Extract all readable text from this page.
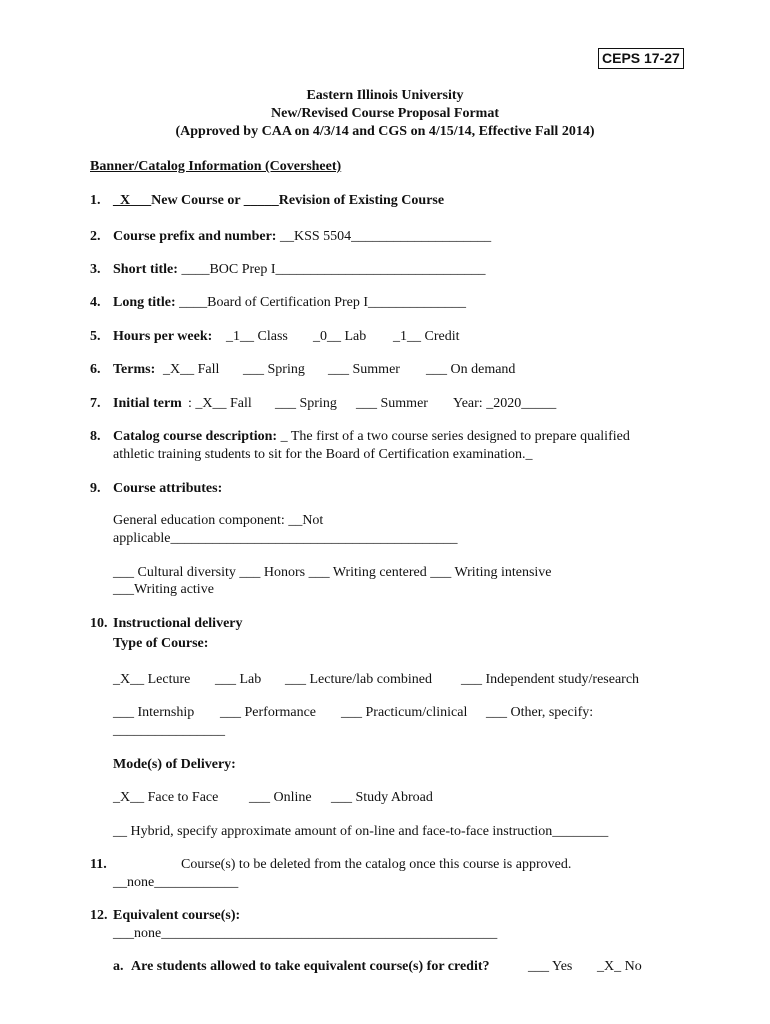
CEPS 17-27
Eastern Illinois University
New/Revised Course Proposal Format
(Approved by CAA on 4/3/14 and CGS on 4/15/14, Effective Fall 2014)
Banner/Catalog Information (Coversheet)
1. _X___New Course or _____Revision of Existing Course
2. Course prefix and number: __KSS 5504____________________
3. Short title: ____BOC Prep I______________________________
4. Long title: ____Board of Certification Prep I______________
5. Hours per week: _1__ Class _0__ Lab _1__ Credit
6. Terms: _X__ Fall ___ Spring ___ Summer ___ On demand
7. Initial term : _X__ Fall ___ Spring ___ Summer Year: _2020_____
8. Catalog course description: _ The first of a two course series designed to prepare qualified
athletic training students to sit for the Board of Certification examination._
9. Course attributes:
General education component: __Not
applicable_________________________________________
___ Cultural diversity ___ Honors ___ Writing centered ___ Writing intensive
___Writing active
10. Instructional delivery
Type of Course:
_X__ Lecture ___ Lab ___ Lecture/lab combined ___ Independent study/research
___ Internship ___ Performance ___ Practicum/clinical ___ Other, specify:
________________
Mode(s) of Delivery:
_X__ Face to Face ___ Online ___ Study Abroad
__ Hybrid, specify approximate amount of on-line and face-to-face instruction________
11.	Course(s) to be deleted from the catalog once this course is approved.
__none____________
12. Equivalent course(s):
___none________________________________________________
a. Are students allowed to take equivalent course(s) for credit?	___ Yes _X_ No
